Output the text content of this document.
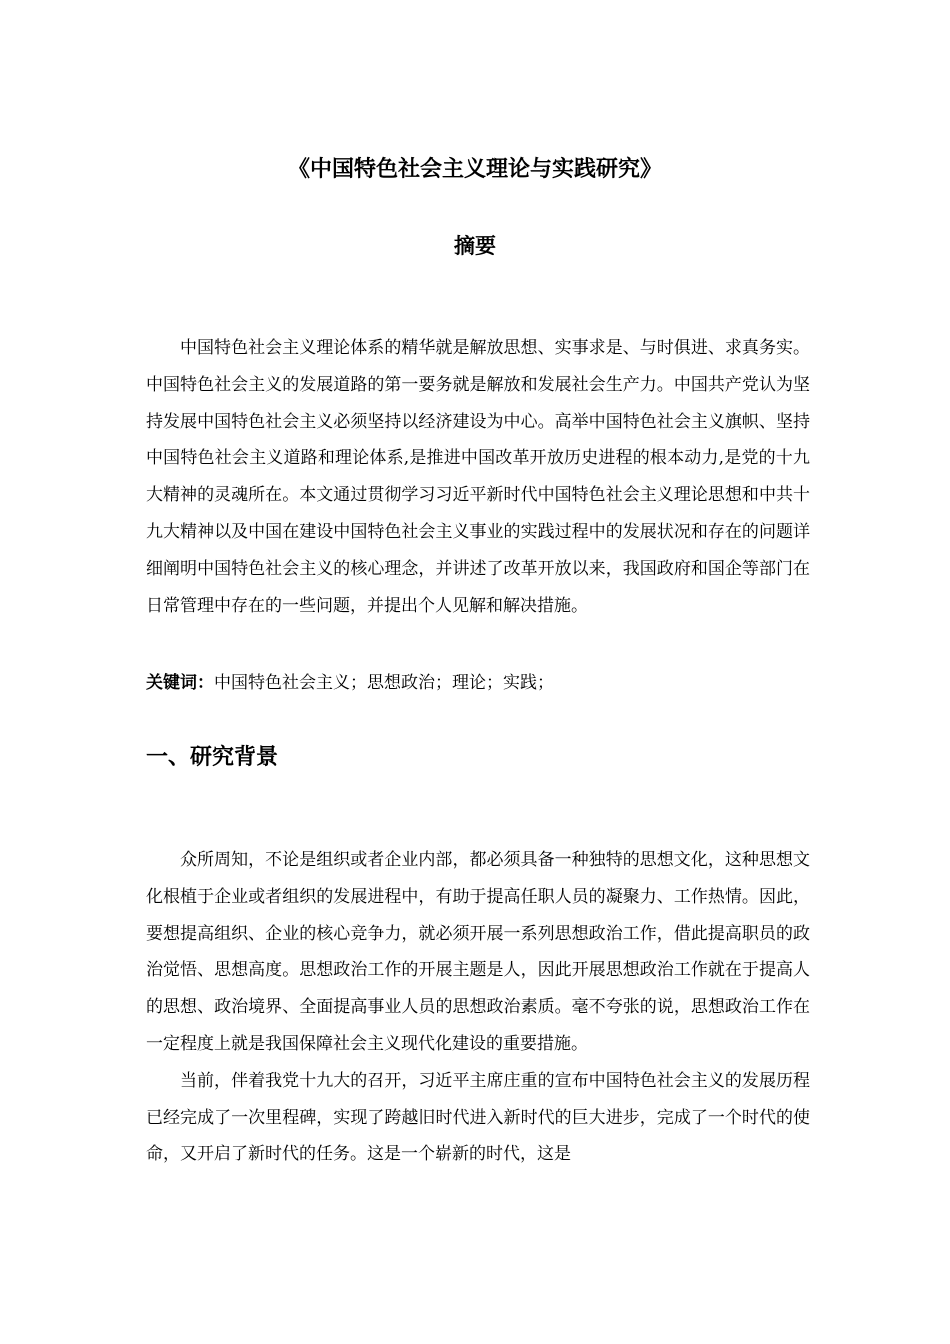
《中国特色社会主义理论与实践研究》
摘要

中国特色社会主义理论体系的精华就是解放思想、实事求是、与时俱进、求真务实。中国特色社会主义的发展道路的第一要务就是解放和发展社会生产力。中国共产党认为坚持发展中国特色社会主义必须坚持以经济建设为中心。高举中国特色社会主义旗帜、坚持中国特色社会主义道路和理论体系,是推进中国改革开放历史进程的根本动力,是党的十九大精神的灵魂所在。本文通过贯彻学习习近平新时代中国特色社会主义理论思想和中共十九大精神以及中国在建设中国特色社会主义事业的实践过程中的发展状况和存在的问题详细阐明中国特色社会主义的核心理念，并讲述了改革开放以来，我国政府和国企等部门在日常管理中存在的一些问题，并提出个人见解和解决措施。

关键词：中国特色社会主义；思想政治；理论；实践；
一、研究背景

众所周知，不论是组织或者企业内部，都必须具备一种独特的思想文化，这种思想文化根植于企业或者组织的发展进程中，有助于提高任职人员的凝聚力、工作热情。因此，要想提高组织、企业的核心竞争力，就必须开展一系列思想政治工作，借此提高职员的政治觉悟、思想高度。思想政治工作的开展主题是人，因此开展思想政治工作就在于提高人的思想、政治境界、全面提高事业人员的思想政治素质。毫不夸张的说，思想政治工作在一定程度上就是我国保障社会主义现代化建设的重要措施。

当前，伴着我党十九大的召开，习近平主席庄重的宣布中国特色社会主义的发展历程已经完成了一次里程碑，实现了跨越旧时代进入新时代的巨大进步，完成了一个时代的使命，又开启了新时代的任务。这是一个崭新的时代，这是
